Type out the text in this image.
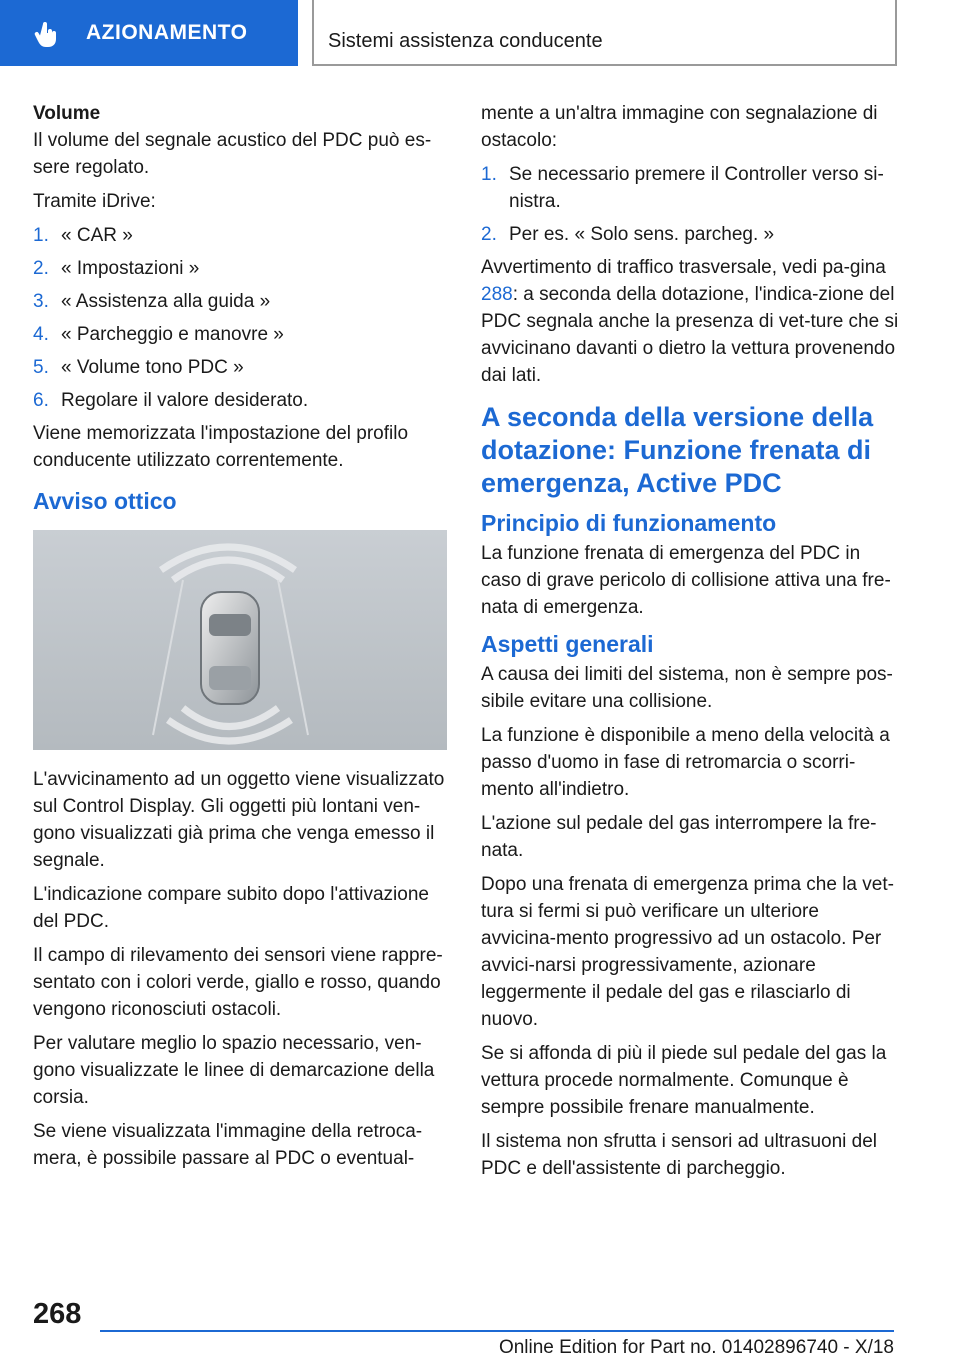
AZIONAMENTO	Sistemi assistenza conducente

Volume

Il volume del segnale acustico del PDC può es-sere regolato.

Tramite iDrive:

1. « CAR »
2. « Impostazioni »
3. « Assistenza alla guida »
4. « Parcheggio e manovre »
5. « Volume tono PDC »
6. Regolare il valore desiderato.

Viene memorizzata l'impostazione del profilo conducente utilizzato correntemente.

Avviso ottico

L'avvicinamento ad un oggetto viene visualizzato sul Control Display. Gli oggetti più lontani ven-gono visualizzati già prima che venga emesso il segnale.

L'indicazione compare subito dopo l'attivazione del PDC.

Il campo di rilevamento dei sensori viene rappre-sentato con i colori verde, giallo e rosso, quando vengono riconosciuti ostacoli.

Per valutare meglio lo spazio necessario, ven-gono visualizzate le linee di demarcazione della corsia.

Se viene visualizzata l'immagine della retroca-mera, è possibile passare al PDC o eventual-

mente a un'altra immagine con segnalazione di ostacolo:

1. Se necessario premere il Controller verso si-nistra.
2. Per es. « Solo sens. parcheg. »

Avvertimento di traffico trasversale, vedi pa-gina 288: a seconda della dotazione, l'indica-zione del PDC segnala anche la presenza di vet-ture che si avvicinano davanti o dietro la vettura provenendo dai lati.

A seconda della versione della dotazione: Funzione frenata di emergenza, Active PDC
Principio di funzionamento

La funzione frenata di emergenza del PDC in caso di grave pericolo di collisione attiva una fre-nata di emergenza.

Aspetti generali

A causa dei limiti del sistema, non è sempre pos-sibile evitare una collisione.

La funzione è disponibile a meno della velocità a passo d'uomo in fase di retromarcia o scorri-mento all'indietro.

L'azione sul pedale del gas interrompere la fre-nata.

Dopo una frenata di emergenza prima che la vet-tura si fermi si può verificare un ulteriore avvicina-mento progressivo ad un ostacolo. Per avvici-narsi progressivamente, azionare leggermente il pedale del gas e rilasciarlo di nuovo.

Se si affonda di più il piede sul pedale del gas la vettura procede normalmente. Comunque è sempre possibile frenare manualmente.

Il sistema non sfrutta i sensori ad ultrasuoni del PDC e dell'assistente di parcheggio.

268
Online Edition for Part no. 01402896740 - X/18
